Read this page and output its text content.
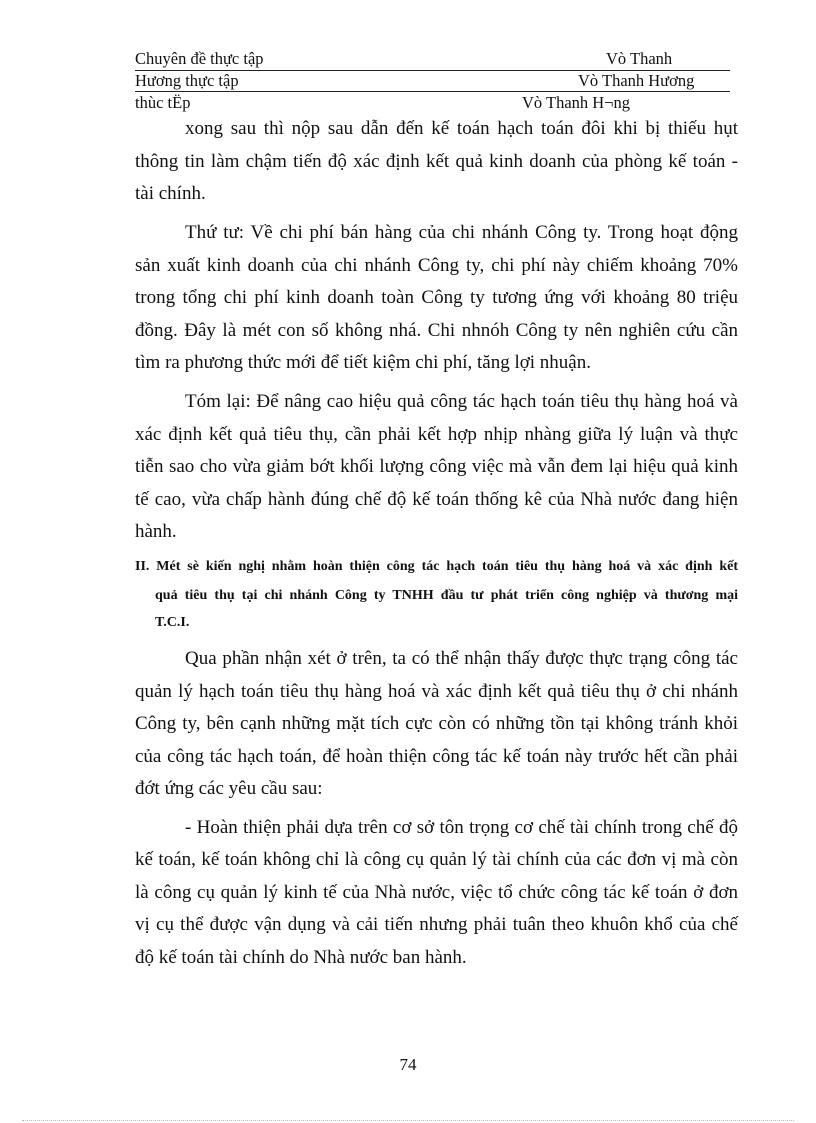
Chuyên đề thực tập	Vò Thanh
Hương thực tập	Vò Thanh Hương
thùc tËp	Vò Thanh H¬ng
xong sau thì nộp sau dẫn đến kế toán hạch toán đôi khi bị thiếu hụt
thông tin làm chậm tiến độ xác định kết quả kinh doanh của phòng kế toán -
tài chính.
Thứ tư: Về chi phí bán hàng của chi nhánh Công ty. Trong hoạt động
sản xuất kinh doanh của chi nhánh Công ty, chi phí này chiếm khoảng 70%
trong tổng chi phí kinh doanh toàn Công ty tương ứng với khoảng 80 triệu
đồng. Đây là mét con số không nhá. Chi nhnóh Công ty nên nghiên cứu cần
tìm ra phương thức mới để tiết kiệm chi phí, tăng lợi nhuận.
Tóm lại: Để nâng cao hiệu quả công tác hạch toán tiêu thụ hàng hoá và
xác định kết quả tiêu thụ, cần phải kết hợp nhịp nhàng giữa lý luận và thực
tiễn sao cho vừa giảm bớt khối lượng công việc mà vẫn đem lại hiệu quả kinh
tế cao, vừa chấp hành đúng chế độ kế toán thống kê của Nhà nước đang hiện
hành.
II. Mét sè kiến nghị nhằm hoàn thiện công tác hạch toán tiêu thụ hàng hoá và xác định kết
quả tiêu thụ tại chi nhánh Công ty TNHH đầu tư phát triển công nghiệp và thương mại
T.C.I.
Qua phần nhận xét ở trên, ta có thể nhận thấy được thực trạng công tác
quản lý hạch toán tiêu thụ hàng hoá và xác định kết quả tiêu thụ ở chi nhánh
Công ty, bên cạnh những mặt tích cực còn có những tồn tại không tránh khỏi
của công tác hạch toán, để hoàn thiện công tác kế toán này trước hết cần phải
đớt ứng các yêu cầu sau:
- Hoàn thiện phải dựa trên cơ sở tôn trọng cơ chế tài chính trong chế độ
kế toán, kế toán không chỉ là công cụ quản lý tài chính của các đơn vị mà còn
là công cụ quản lý kinh tế của Nhà nước, việc tổ chức công tác kế toán ở đơn
vị cụ thể được vận dụng và cải tiến nhưng phải tuân theo khuôn khổ của chế
độ kế toán tài chính do Nhà nước ban hành.
74
